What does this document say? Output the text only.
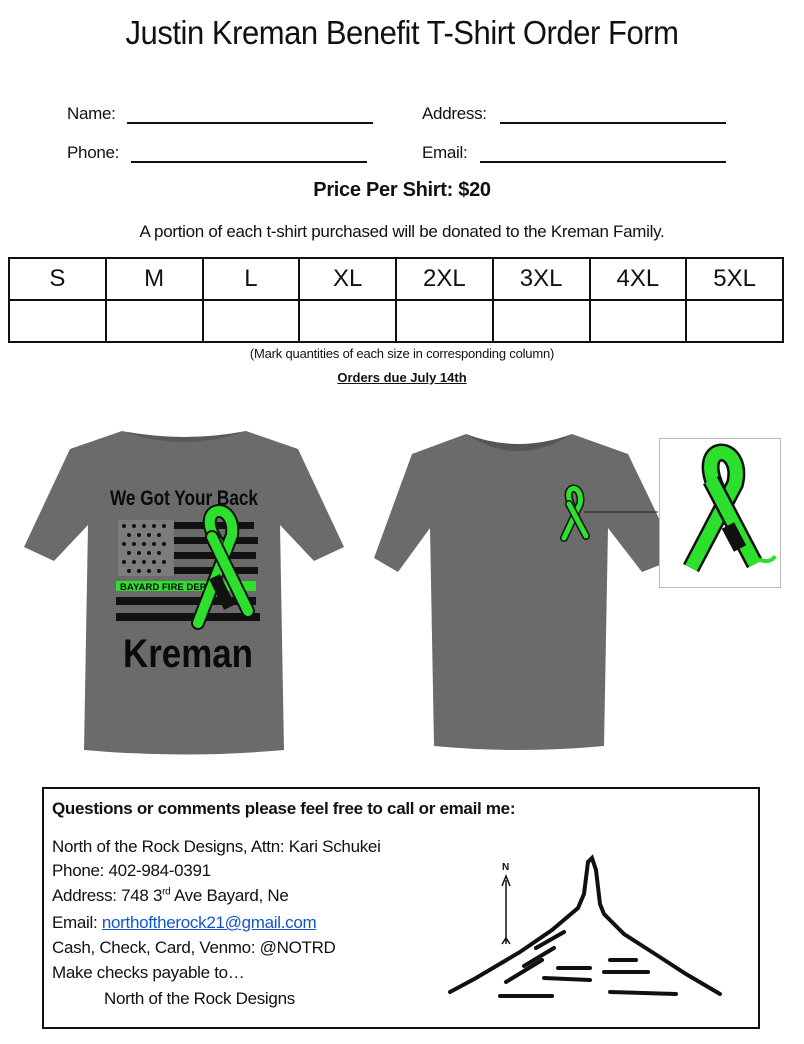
Justin Kreman Benefit T-Shirt Order Form
Name:	Address:
Phone:	Email:
Price Per Shirt: $20
A portion of each t-shirt purchased will be donated to the Kreman Family.
S	M	L	XL	2XL	3XL	4XL	5XL

(Mark quantities of each size in corresponding column)
Orders due July 14th
We Got Your Back
BAYARD FIRE DEPT
Kreman
Questions or comments please feel free to call or email me:
North of the Rock Designs, Attn: Kari Schukei
Phone: 402-984-0391
Address: 748 3rd Ave Bayard, Ne
Email: northoftherock21@gmail.com
Cash, Check, Card, Venmo: @NOTRD
Make checks payable to…
North of the Rock Designs
N
